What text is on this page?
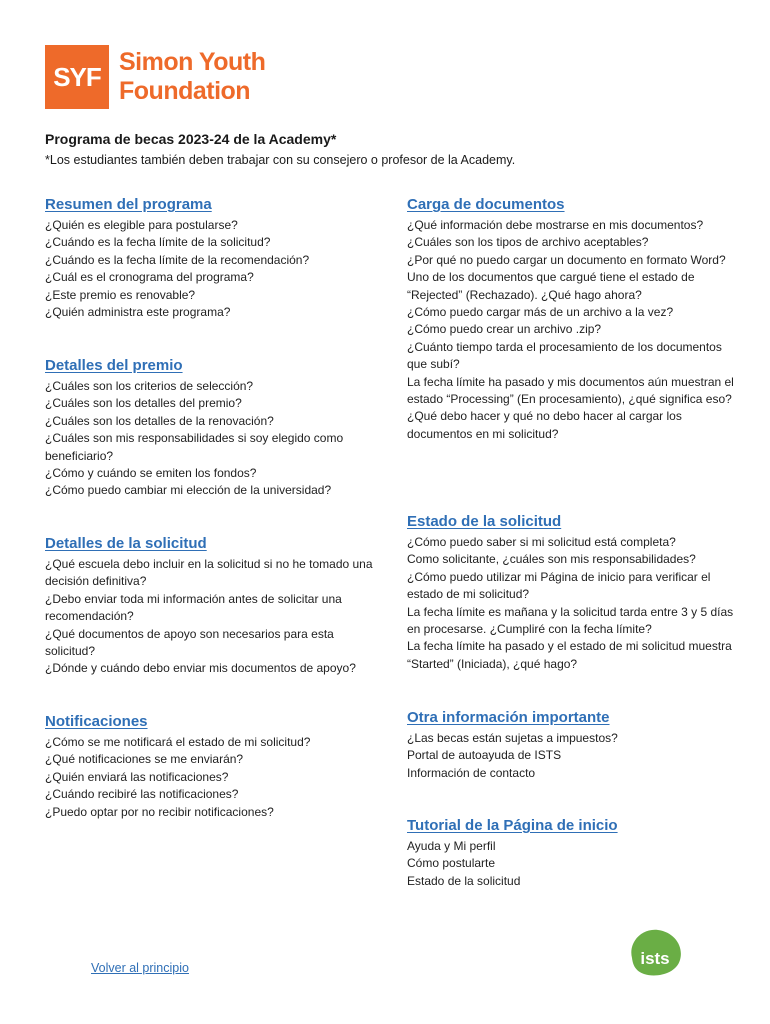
SYF Simon Youth
Foundation
Programa de becas 2023-24 de la Academy*

*Los estudiantes también deben trabajar con su consejero o profesor de la Academy.

Resumen del programa
¿Quién es elegible para postularse?
¿Cuándo es la fecha límite de la solicitud?
¿Cuándo es la fecha límite de la recomendación?
¿Cuál es el cronograma del programa?
¿Este premio es renovable?
¿Quién administra este programa?
Detalles del premio
¿Cuáles son los criterios de selección?
¿Cuáles son los detalles del premio?
¿Cuáles son los detalles de la renovación?
¿Cuáles son mis responsabilidades si soy elegido como beneficiario?
¿Cómo y cuándo se emiten los fondos?
¿Cómo puedo cambiar mi elección de la universidad?
Detalles de la solicitud
¿Qué escuela debo incluir en la solicitud si no he tomado una decisión definitiva?
¿Debo enviar toda mi información antes de solicitar una recomendación?
¿Qué documentos de apoyo son necesarios para esta solicitud?
¿Dónde y cuándo debo enviar mis documentos de apoyo?
Notificaciones
¿Cómo se me notificará el estado de mi solicitud?
¿Qué notificaciones se me enviarán?
¿Quién enviará las notificaciones?
¿Cuándo recibiré las notificaciones?
¿Puedo optar por no recibir notificaciones?
Carga de documentos
¿Qué información debe mostrarse en mis documentos?
¿Cuáles son los tipos de archivo aceptables?
¿Por qué no puedo cargar un documento en formato Word?
Uno de los documentos que cargué tiene el estado de “Rejected” (Rechazado). ¿Qué hago ahora?
¿Cómo puedo cargar más de un archivo a la vez?
¿Cómo puedo crear un archivo .zip?
¿Cuánto tiempo tarda el procesamiento de los documentos que subí?
La fecha límite ha pasado y mis documentos aún muestran el estado “Processing” (En procesamiento), ¿qué significa eso?
¿Qué debo hacer y qué no debo hacer al cargar los documentos en mi solicitud?
Estado de la solicitud
¿Cómo puedo saber si mi solicitud está completa?
Como solicitante, ¿cuáles son mis responsabilidades?
¿Cómo puedo utilizar mi Página de inicio para verificar el estado de mi solicitud?
La fecha límite es mañana y la solicitud tarda entre 3 y 5 días en procesarse. ¿Cumpliré con la fecha límite?
La fecha límite ha pasado y el estado de mi solicitud muestra “Started” (Iniciada), ¿qué hago?
Otra información importante
¿Las becas están sujetas a impuestos?
Portal de autoayuda de ISTS
Información de contacto
Tutorial de la Página de inicio
Ayuda y Mi perfil
Cómo postularte
Estado de la solicitud
Volver al principio	ists
